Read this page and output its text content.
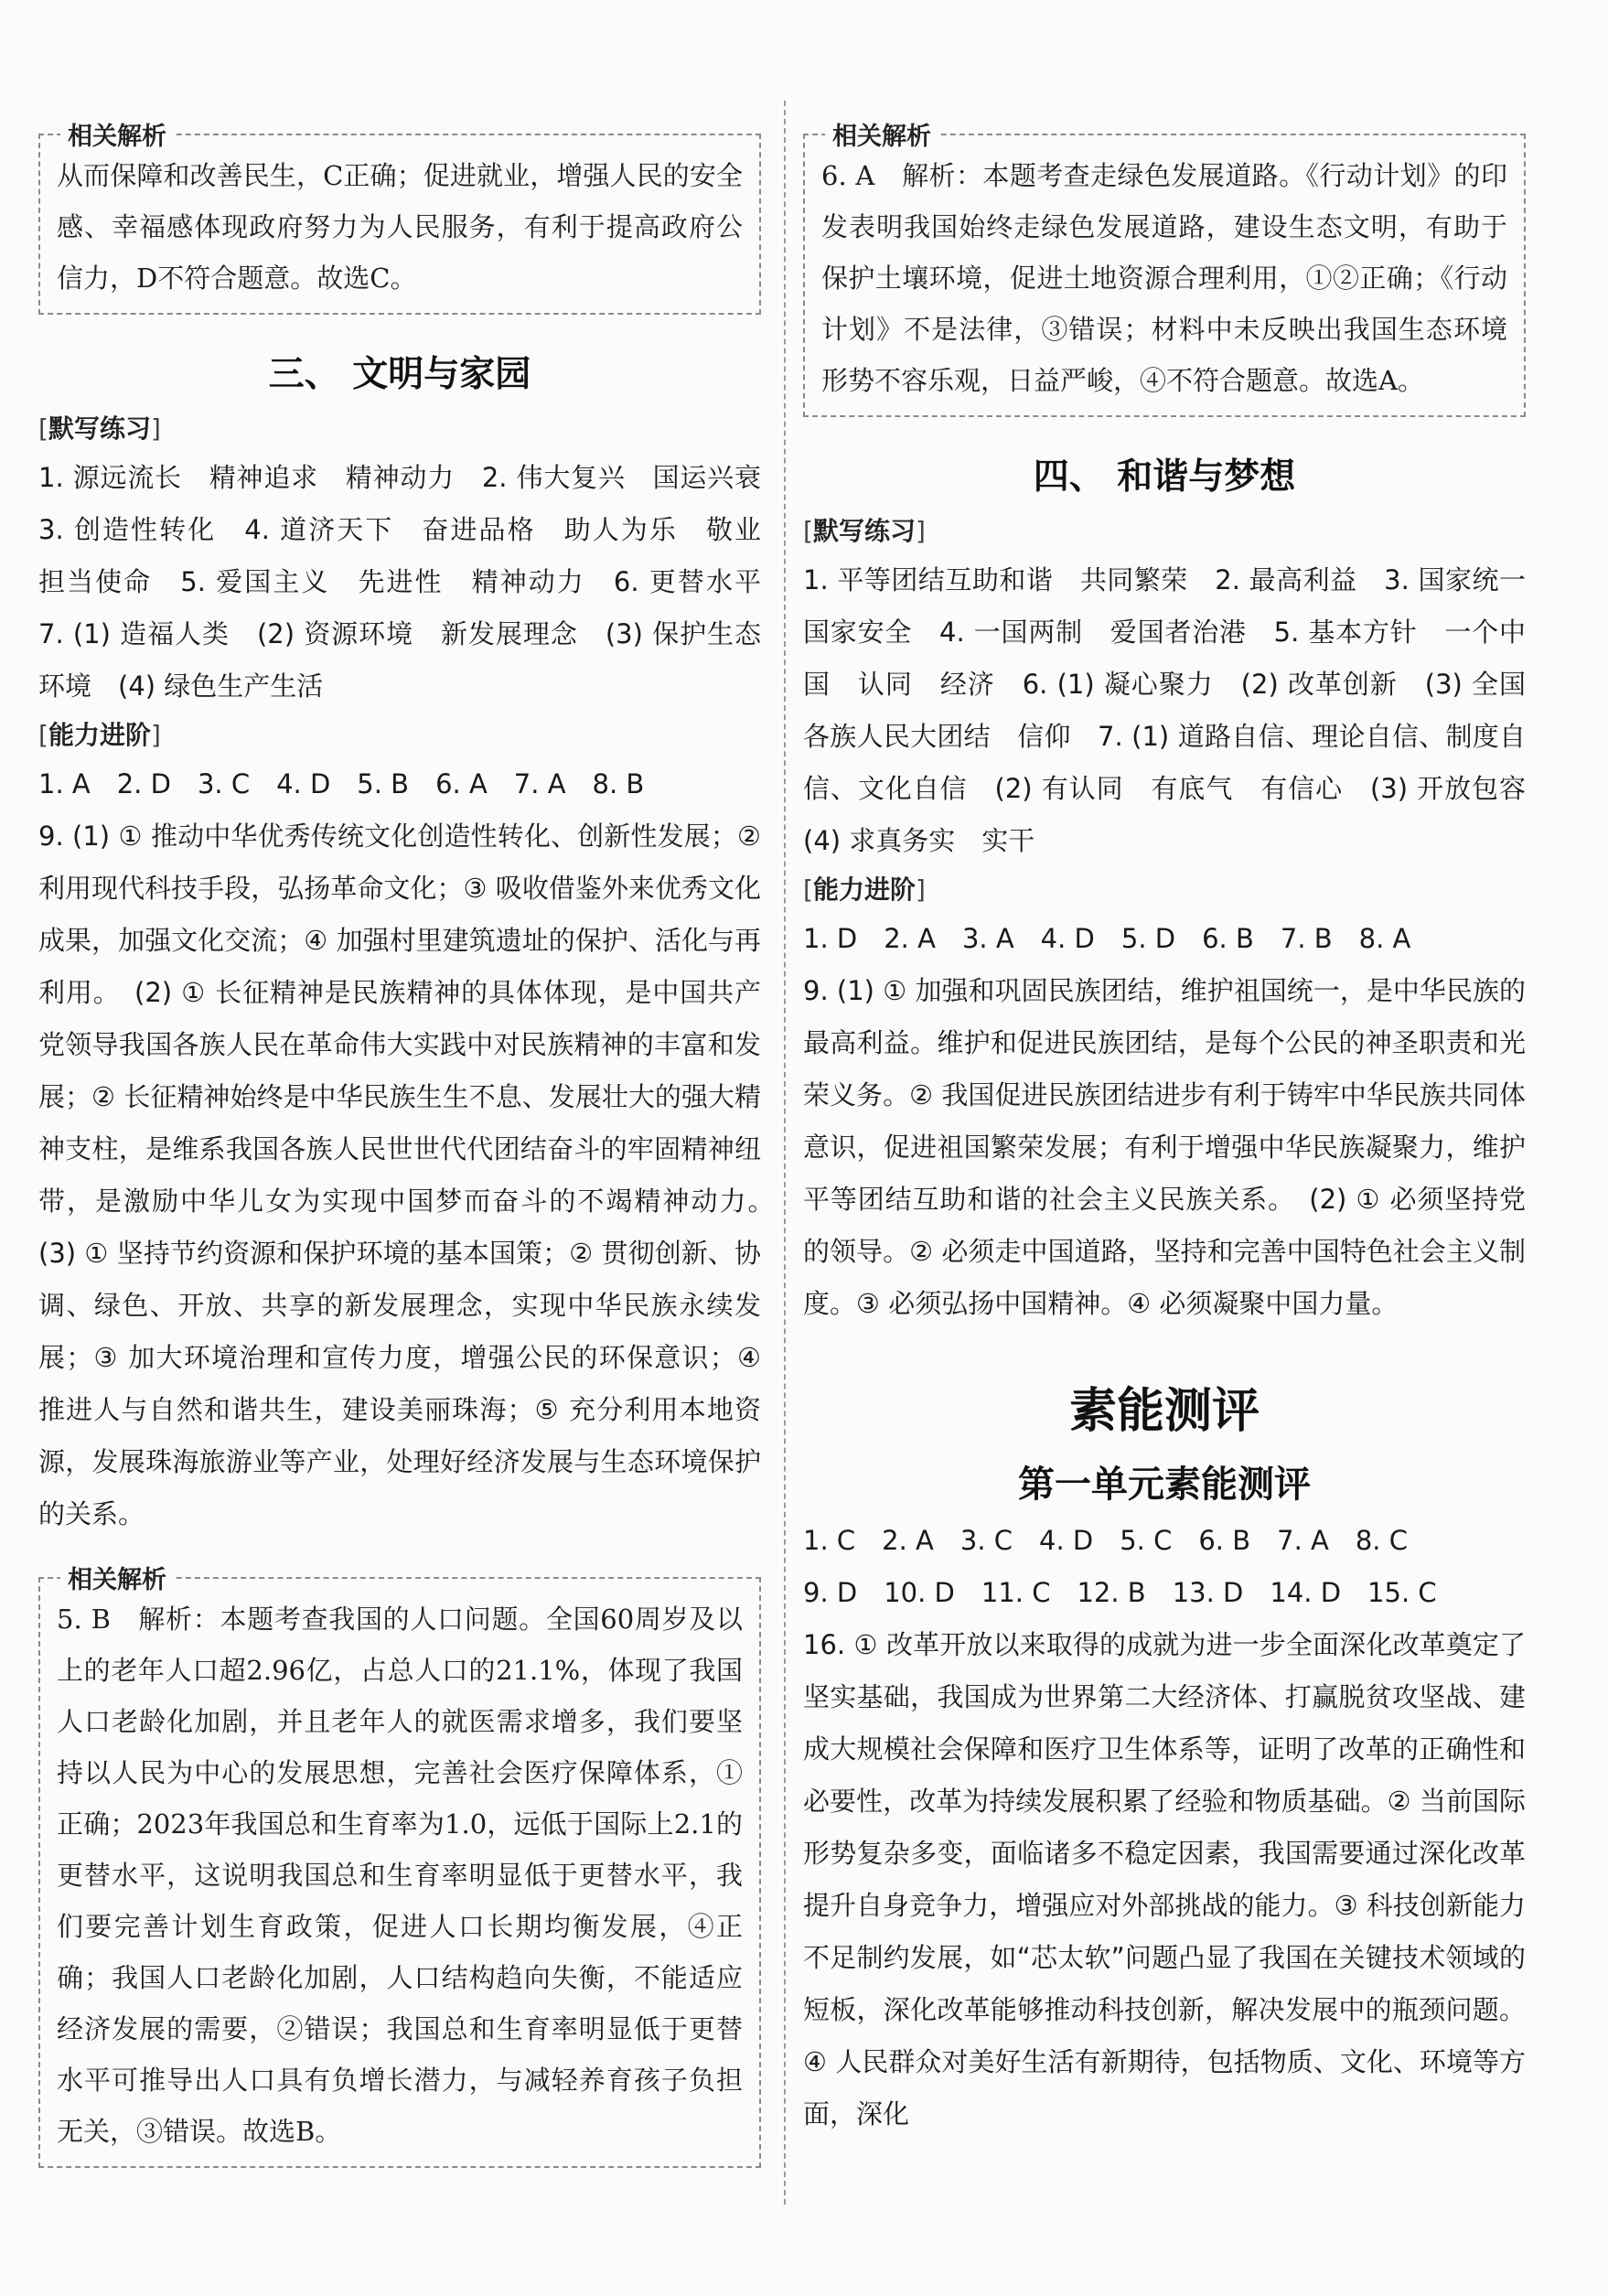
相关解析

从而保障和改善民生，C正确；促进就业，增强人民的安全感、幸福感体现政府努力为人民服务，有利于提高政府公信力，D不符合题意。故选C。

三、 文明与家园

[默写练习]

1. 源远流长　精神追求　精神动力　2. 伟大复兴　国运兴衰　3. 创造性转化　4. 道济天下　奋进品格　助人为乐　敬业　担当使命　5. 爱国主义　先进性　精神动力　6. 更替水平　7. (1) 造福人类　(2) 资源环境　新发展理念　(3) 保护生态环境　(4) 绿色生产生活

[能力进阶]

1. A　2. D　3. C　4. D　5. B　6. A　7. A　8. B

9. (1) ① 推动中华优秀传统文化创造性转化、创新性发展；② 利用现代科技手段，弘扬革命文化；③ 吸收借鉴外来优秀文化成果，加强文化交流；④ 加强村里建筑遗址的保护、活化与再利用。　(2) ① 长征精神是民族精神的具体体现，是中国共产党领导我国各族人民在革命伟大实践中对民族精神的丰富和发展；② 长征精神始终是中华民族生生不息、发展壮大的强大精神支柱，是维系我国各族人民世世代代团结奋斗的牢固精神纽带，是激励中华儿女为实现中国梦而奋斗的不竭精神动力。　(3) ① 坚持节约资源和保护环境的基本国策；② 贯彻创新、协调、绿色、开放、共享的新发展理念，实现中华民族永续发展；③ 加大环境治理和宣传力度，增强公民的环保意识；④ 推进人与自然和谐共生，建设美丽珠海；⑤ 充分利用本地资源，发展珠海旅游业等产业，处理好经济发展与生态环境保护的关系。

相关解析

5. B　解析：本题考查我国的人口问题。全国60周岁及以上的老年人口超2.96亿，占总人口的21.1%，体现了我国人口老龄化加剧，并且老年人的就医需求增多，我们要坚持以人民为中心的发展思想，完善社会医疗保障体系，①正确；2023年我国总和生育率为1.0，远低于国际上2.1的更替水平，这说明我国总和生育率明显低于更替水平，我们要完善计划生育政策，促进人口长期均衡发展，④正确；我国人口老龄化加剧，人口结构趋向失衡，不能适应经济发展的需要，②错误；我国总和生育率明显低于更替水平可推导出人口具有负增长潜力，与减轻养育孩子负担无关，③错误。故选B。

相关解析

6. A　解析：本题考查走绿色发展道路。《行动计划》的印发表明我国始终走绿色发展道路，建设生态文明，有助于保护土壤环境，促进土地资源合理利用，①②正确；《行动计划》不是法律，③错误；材料中未反映出我国生态环境形势不容乐观，日益严峻，④不符合题意。故选A。

四、 和谐与梦想

[默写练习]

1. 平等团结互助和谐　共同繁荣　2. 最高利益　3. 国家统一　国家安全　4. 一国两制　爱国者治港　5. 基本方针　一个中国　认同　经济　6. (1) 凝心聚力　(2) 改革创新　(3) 全国各族人民大团结　信仰　7. (1) 道路自信、理论自信、制度自信、文化自信　(2) 有认同　有底气　有信心　(3) 开放包容　(4) 求真务实　实干

[能力进阶]

1. D　2. A　3. A　4. D　5. D　6. B　7. B　8. A

9. (1) ① 加强和巩固民族团结，维护祖国统一，是中华民族的最高利益。维护和促进民族团结，是每个公民的神圣职责和光荣义务。② 我国促进民族团结进步有利于铸牢中华民族共同体意识，促进祖国繁荣发展；有利于增强中华民族凝聚力，维护平等团结互助和谐的社会主义民族关系。　(2) ① 必须坚持党的领导。② 必须走中国道路，坚持和完善中国特色社会主义制度。③ 必须弘扬中国精神。④ 必须凝聚中国力量。

素能测评
第一单元素能测评

1. C　2. A　3. C　4. D　5. C　6. B　7. A　8. C

9. D　10. D　11. C　12. B　13. D　14. D　15. C

16. ① 改革开放以来取得的成就为进一步全面深化改革奠定了坚实基础，我国成为世界第二大经济体、打赢脱贫攻坚战、建成大规模社会保障和医疗卫生体系等，证明了改革的正确性和必要性，改革为持续发展积累了经验和物质基础。② 当前国际形势复杂多变，面临诸多不稳定因素，我国需要通过深化改革提升自身竞争力，增强应对外部挑战的能力。③ 科技创新能力不足制约发展，如“芯太软”问题凸显了我国在关键技术领域的短板，深化改革能够推动科技创新，解决发展中的瓶颈问题。④ 人民群众对美好生活有新期待，包括物质、文化、环境等方面，深化
